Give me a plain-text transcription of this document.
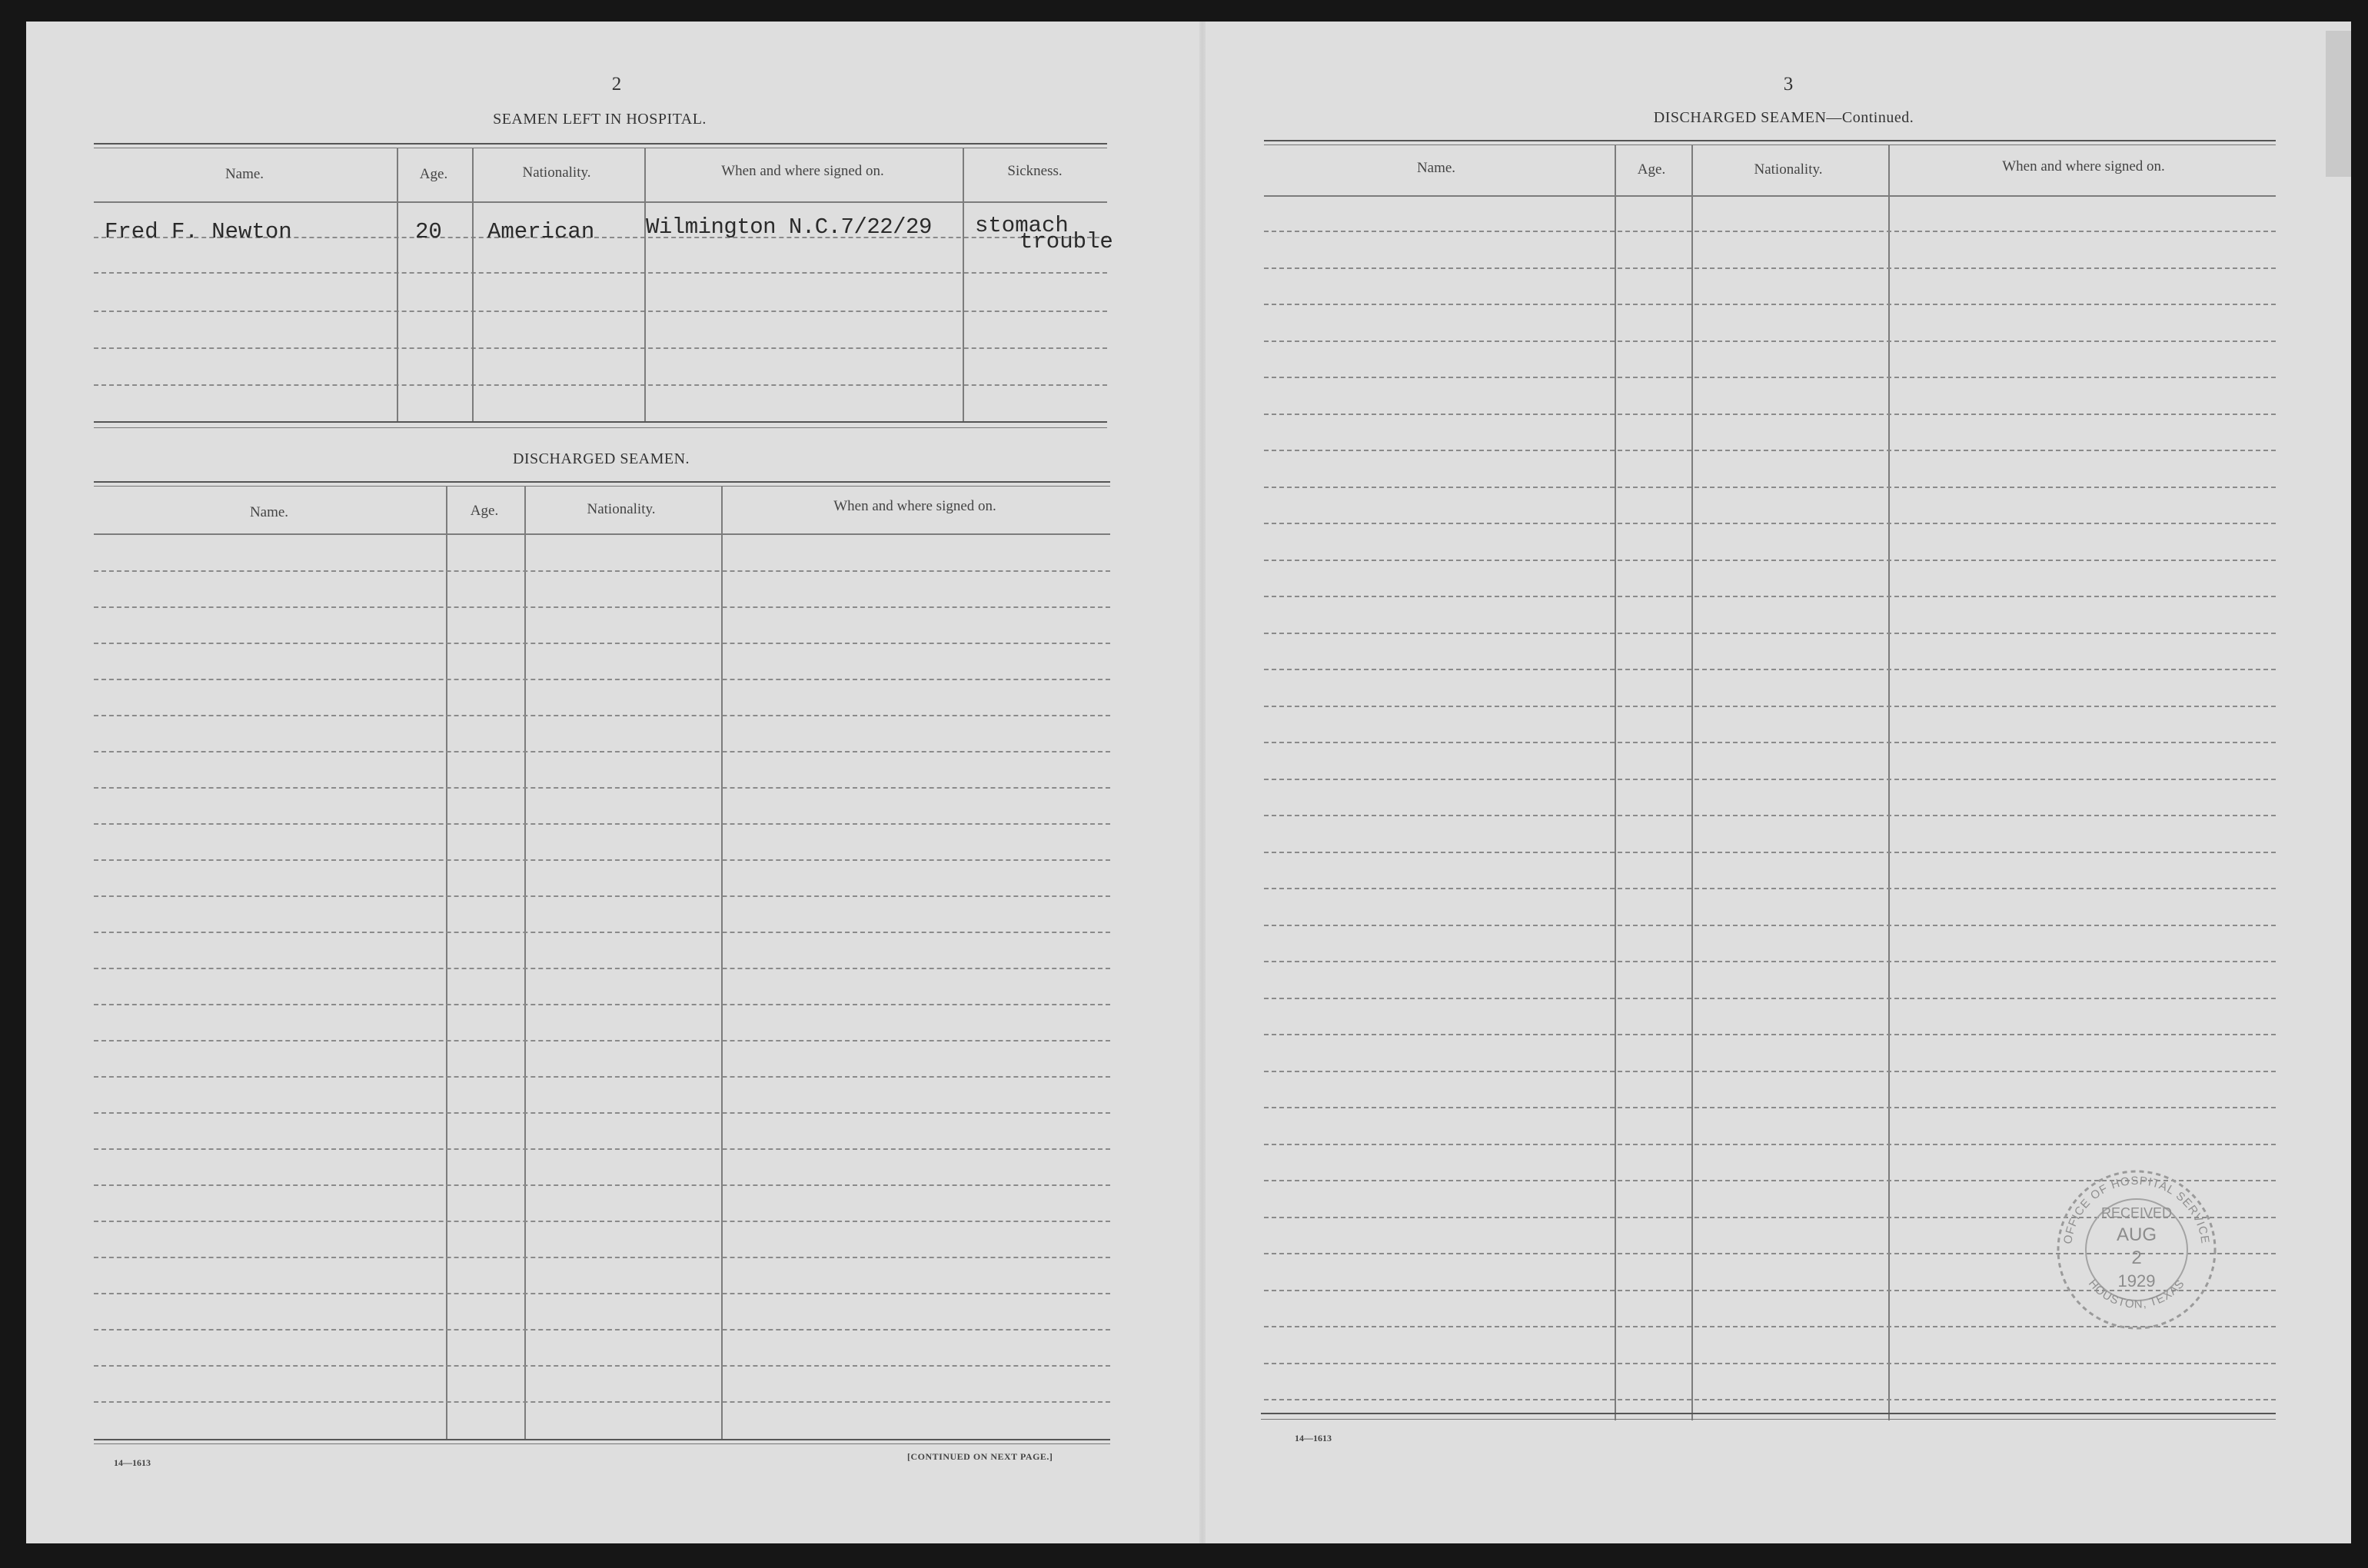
2
SEAMEN LEFT IN HOSPITAL.
Name.	Age.	Nationality.	When and where signed on.	Sickness.
Fred F. Newton	20 American Wilmington N.C.7/22/29 stomach
trouble
DISCHARGED SEAMEN.
Name.	Age.	Nationality.	When and where signed on.
14—1613
[CONTINUED ON NEXT PAGE.]
3
DISCHARGED SEAMEN—Continued.
Name.	Age.	Nationality.	When and where signed on.
14—1613
OFFICE OF HOSPITAL SERVICE
HOUSTON, TEXAS
RECEIVED
AUG
2
1929
